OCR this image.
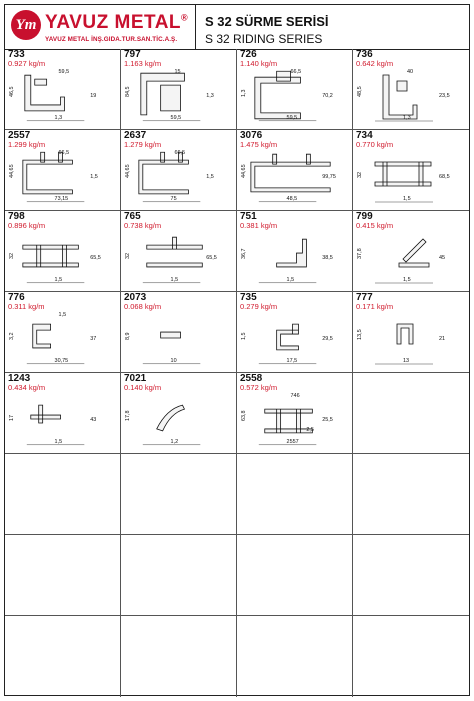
Ym YAVUZ METAL®
YAVUZ METAL İNŞ.GIDA.TUR.SAN.TİC.A.Ş.
S 32 SÜRME SERİSİ
S 32 RIDING SERIES
733
0.927 kg/m
1,3
46,5	19
59,5
797
1.163 kg/m
59,5
84,5	1,3
15
726
1.140 kg/m
59,5
1,3	70,2
66,5
736
0.642 kg/m
1,3
48,5	23,5
40
2557
1.299 kg/m
73,15
44,65	1,5
66,5
2637
1.279 kg/m
75
44,65	1,5
66,5
3076
1.475 kg/m
48,5
44,65	99,75
734
0.770 kg/m
1,5
32	68,5
798
0.896 kg/m
1,5
32	65,5
765
0.738 kg/m
1,5
32	65,5
751
0.381 kg/m
1,5
36,7	38,5
799
0.415 kg/m
1,5
37,8	45
776
0.311 kg/m
30,75
3,2	37
1,5
2073
0.068 kg/m
10
8,9
735
0.279 kg/m
17,5
1,5	29,5
777
0.171 kg/m
13
13,5	21
1243
0.434 kg/m
1,5
17	43
7021
0.140 kg/m
1,2
17,8
2558
0.572 kg/m
2557
63,8	25,5
746
2,5
